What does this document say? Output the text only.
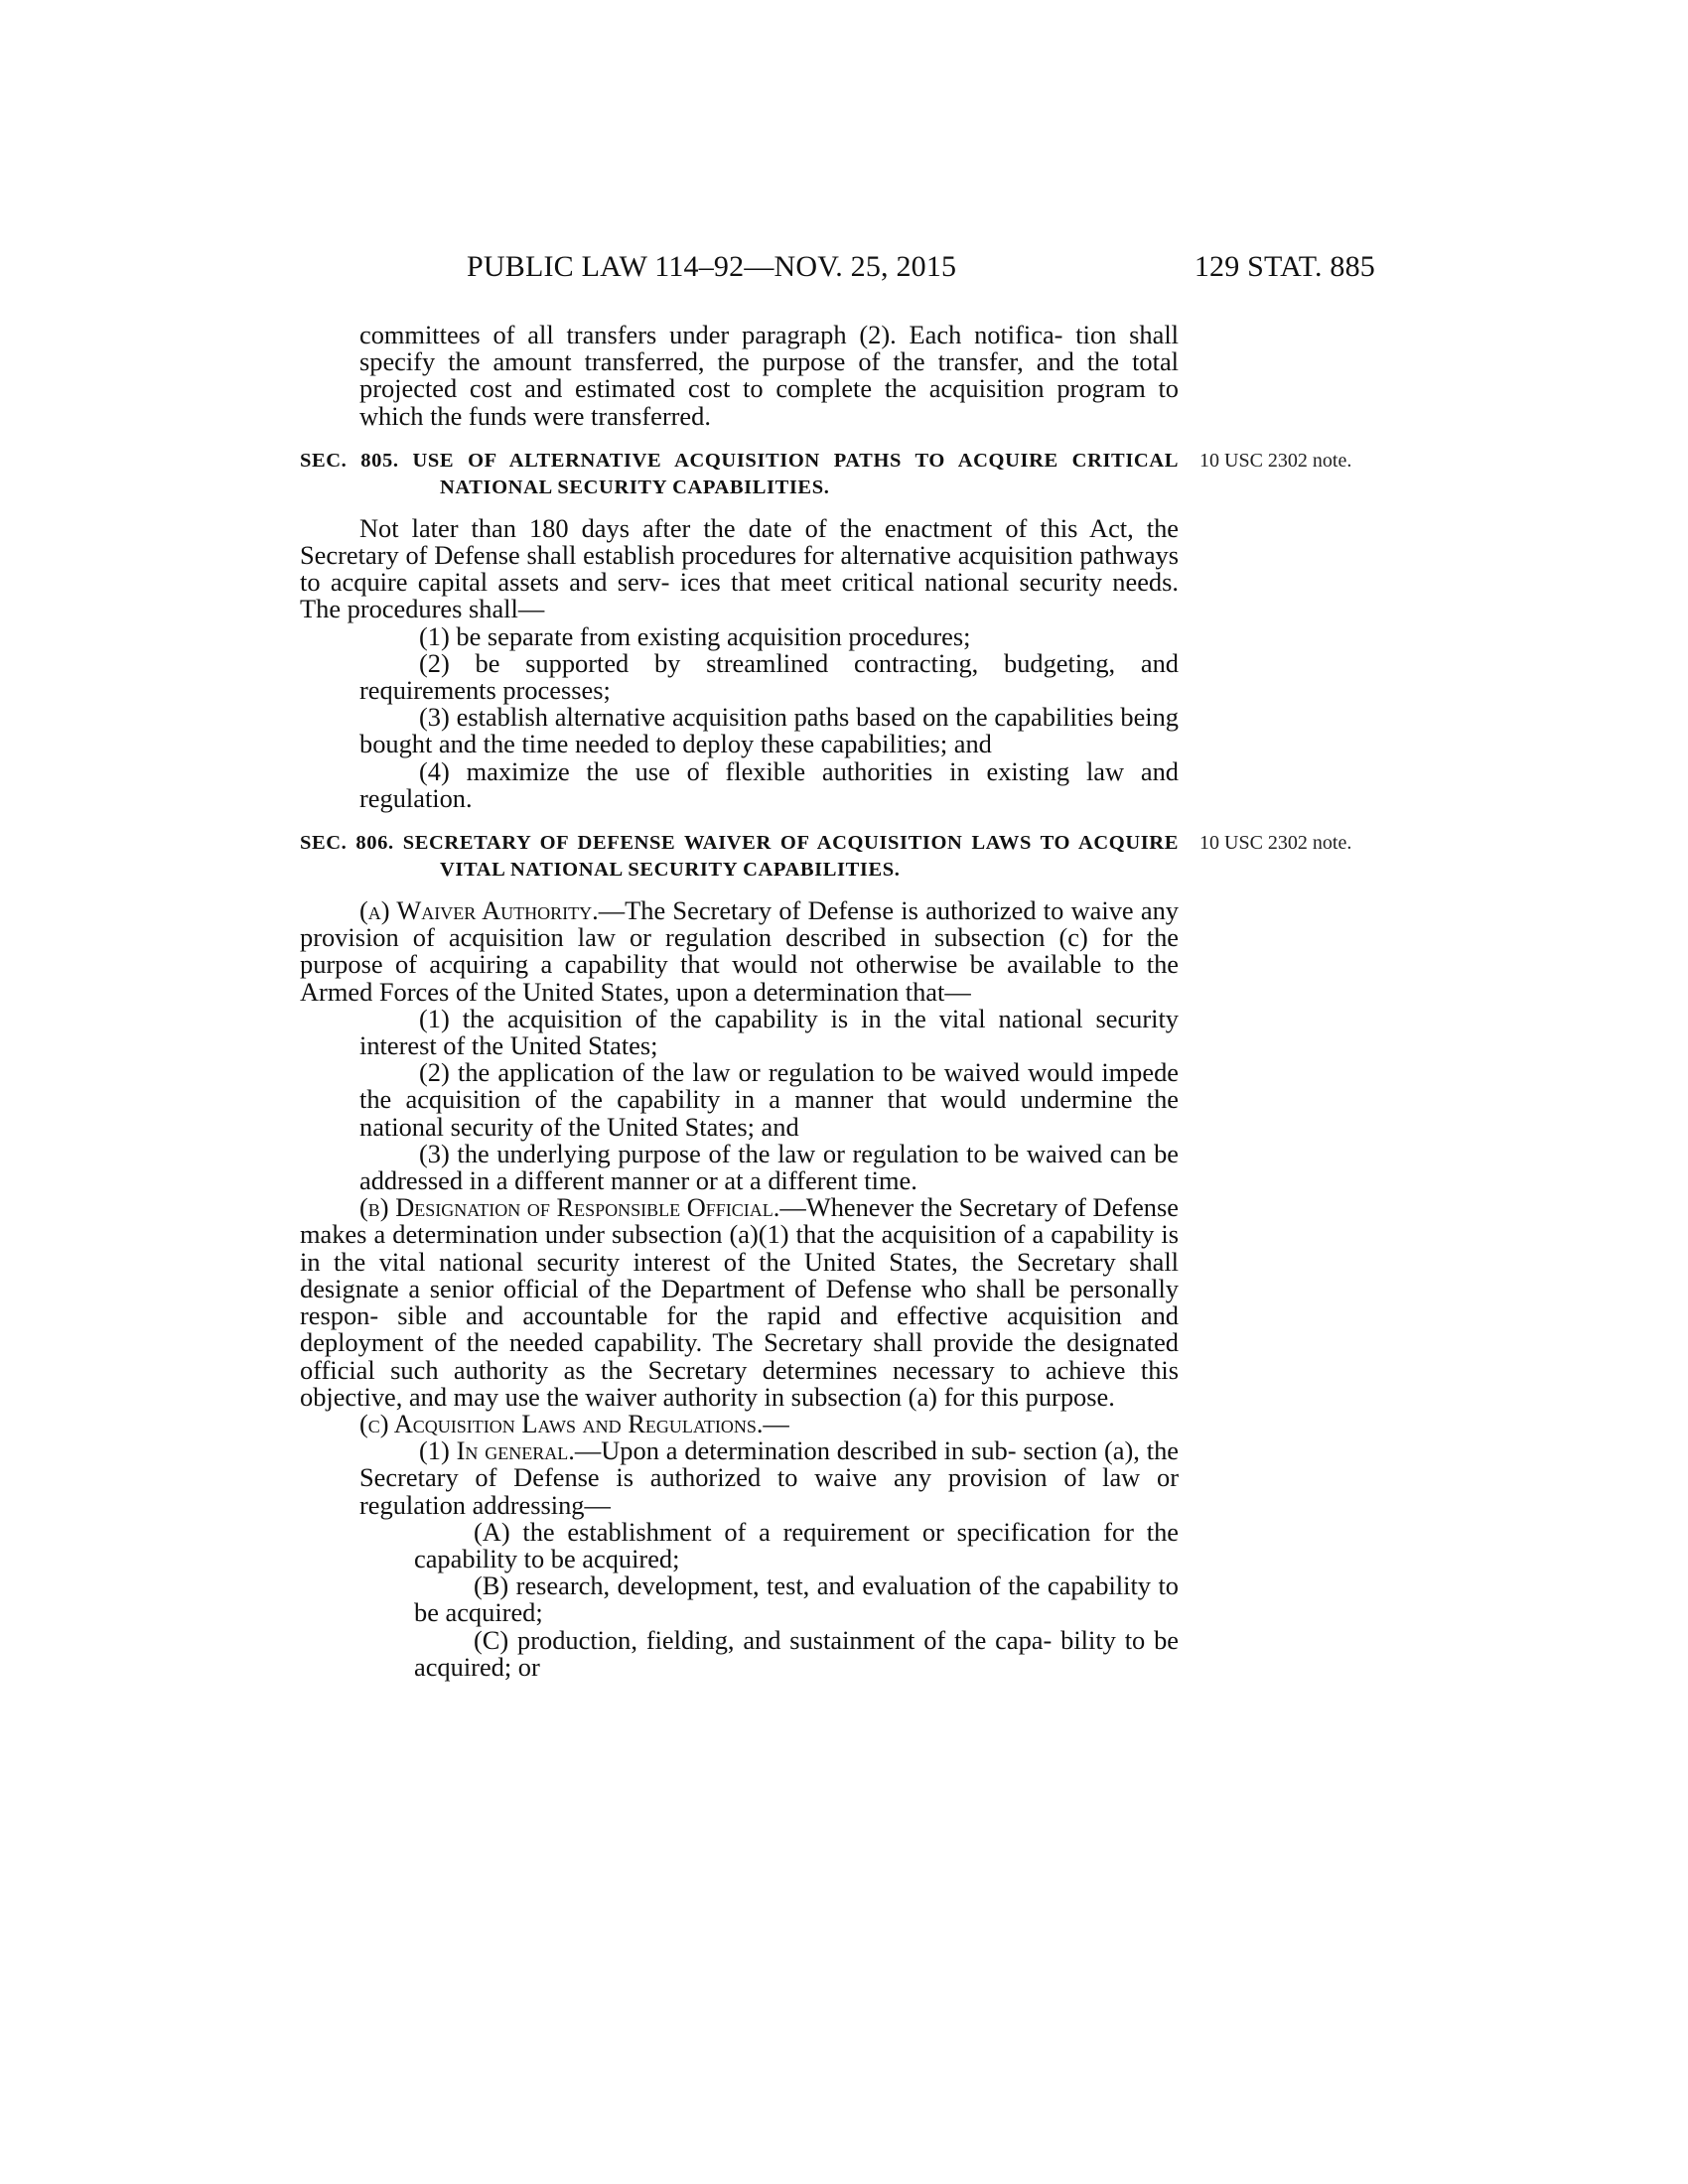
PUBLIC LAW 114–92—NOV. 25, 2015	129 STAT. 885

committees of all transfers under paragraph (2). Each notifica- tion shall specify the amount transferred, the purpose of the transfer, and the total projected cost and estimated cost to complete the acquisition program to which the funds were transferred.

SEC. 805. USE OF ALTERNATIVE ACQUISITION PATHS TO ACQUIRE CRITICAL NATIONAL SECURITY CAPABILITIES.
10 USC 2302 note.

Not later than 180 days after the date of the enactment of this Act, the Secretary of Defense shall establish procedures for alternative acquisition pathways to acquire capital assets and serv- ices that meet critical national security needs. The procedures shall—

(1) be separate from existing acquisition procedures;

(2) be supported by streamlined contracting, budgeting, and requirements processes;

(3) establish alternative acquisition paths based on the capabilities being bought and the time needed to deploy these capabilities; and

(4) maximize the use of flexible authorities in existing law and regulation.

SEC. 806. SECRETARY OF DEFENSE WAIVER OF ACQUISITION LAWS TO ACQUIRE VITAL NATIONAL SECURITY CAPABILITIES.
10 USC 2302 note.

(a) Waiver Authority.—The Secretary of Defense is authorized to waive any provision of acquisition law or regulation described in subsection (c) for the purpose of acquiring a capability that would not otherwise be available to the Armed Forces of the United States, upon a determination that—

(1) the acquisition of the capability is in the vital national security interest of the United States;

(2) the application of the law or regulation to be waived would impede the acquisition of the capability in a manner that would undermine the national security of the United States; and

(3) the underlying purpose of the law or regulation to be waived can be addressed in a different manner or at a different time.

(b) Designation of Responsible Official.—Whenever the Secretary of Defense makes a determination under subsection (a)(1) that the acquisition of a capability is in the vital national security interest of the United States, the Secretary shall designate a senior official of the Department of Defense who shall be personally respon- sible and accountable for the rapid and effective acquisition and deployment of the needed capability. The Secretary shall provide the designated official such authority as the Secretary determines necessary to achieve this objective, and may use the waiver authority in subsection (a) for this purpose.

(c) Acquisition Laws and Regulations.—

(1) In general.—Upon a determination described in sub- section (a), the Secretary of Defense is authorized to waive any provision of law or regulation addressing—

(A) the establishment of a requirement or specification for the capability to be acquired;

(B) research, development, test, and evaluation of the capability to be acquired;

(C) production, fielding, and sustainment of the capa- bility to be acquired; or
